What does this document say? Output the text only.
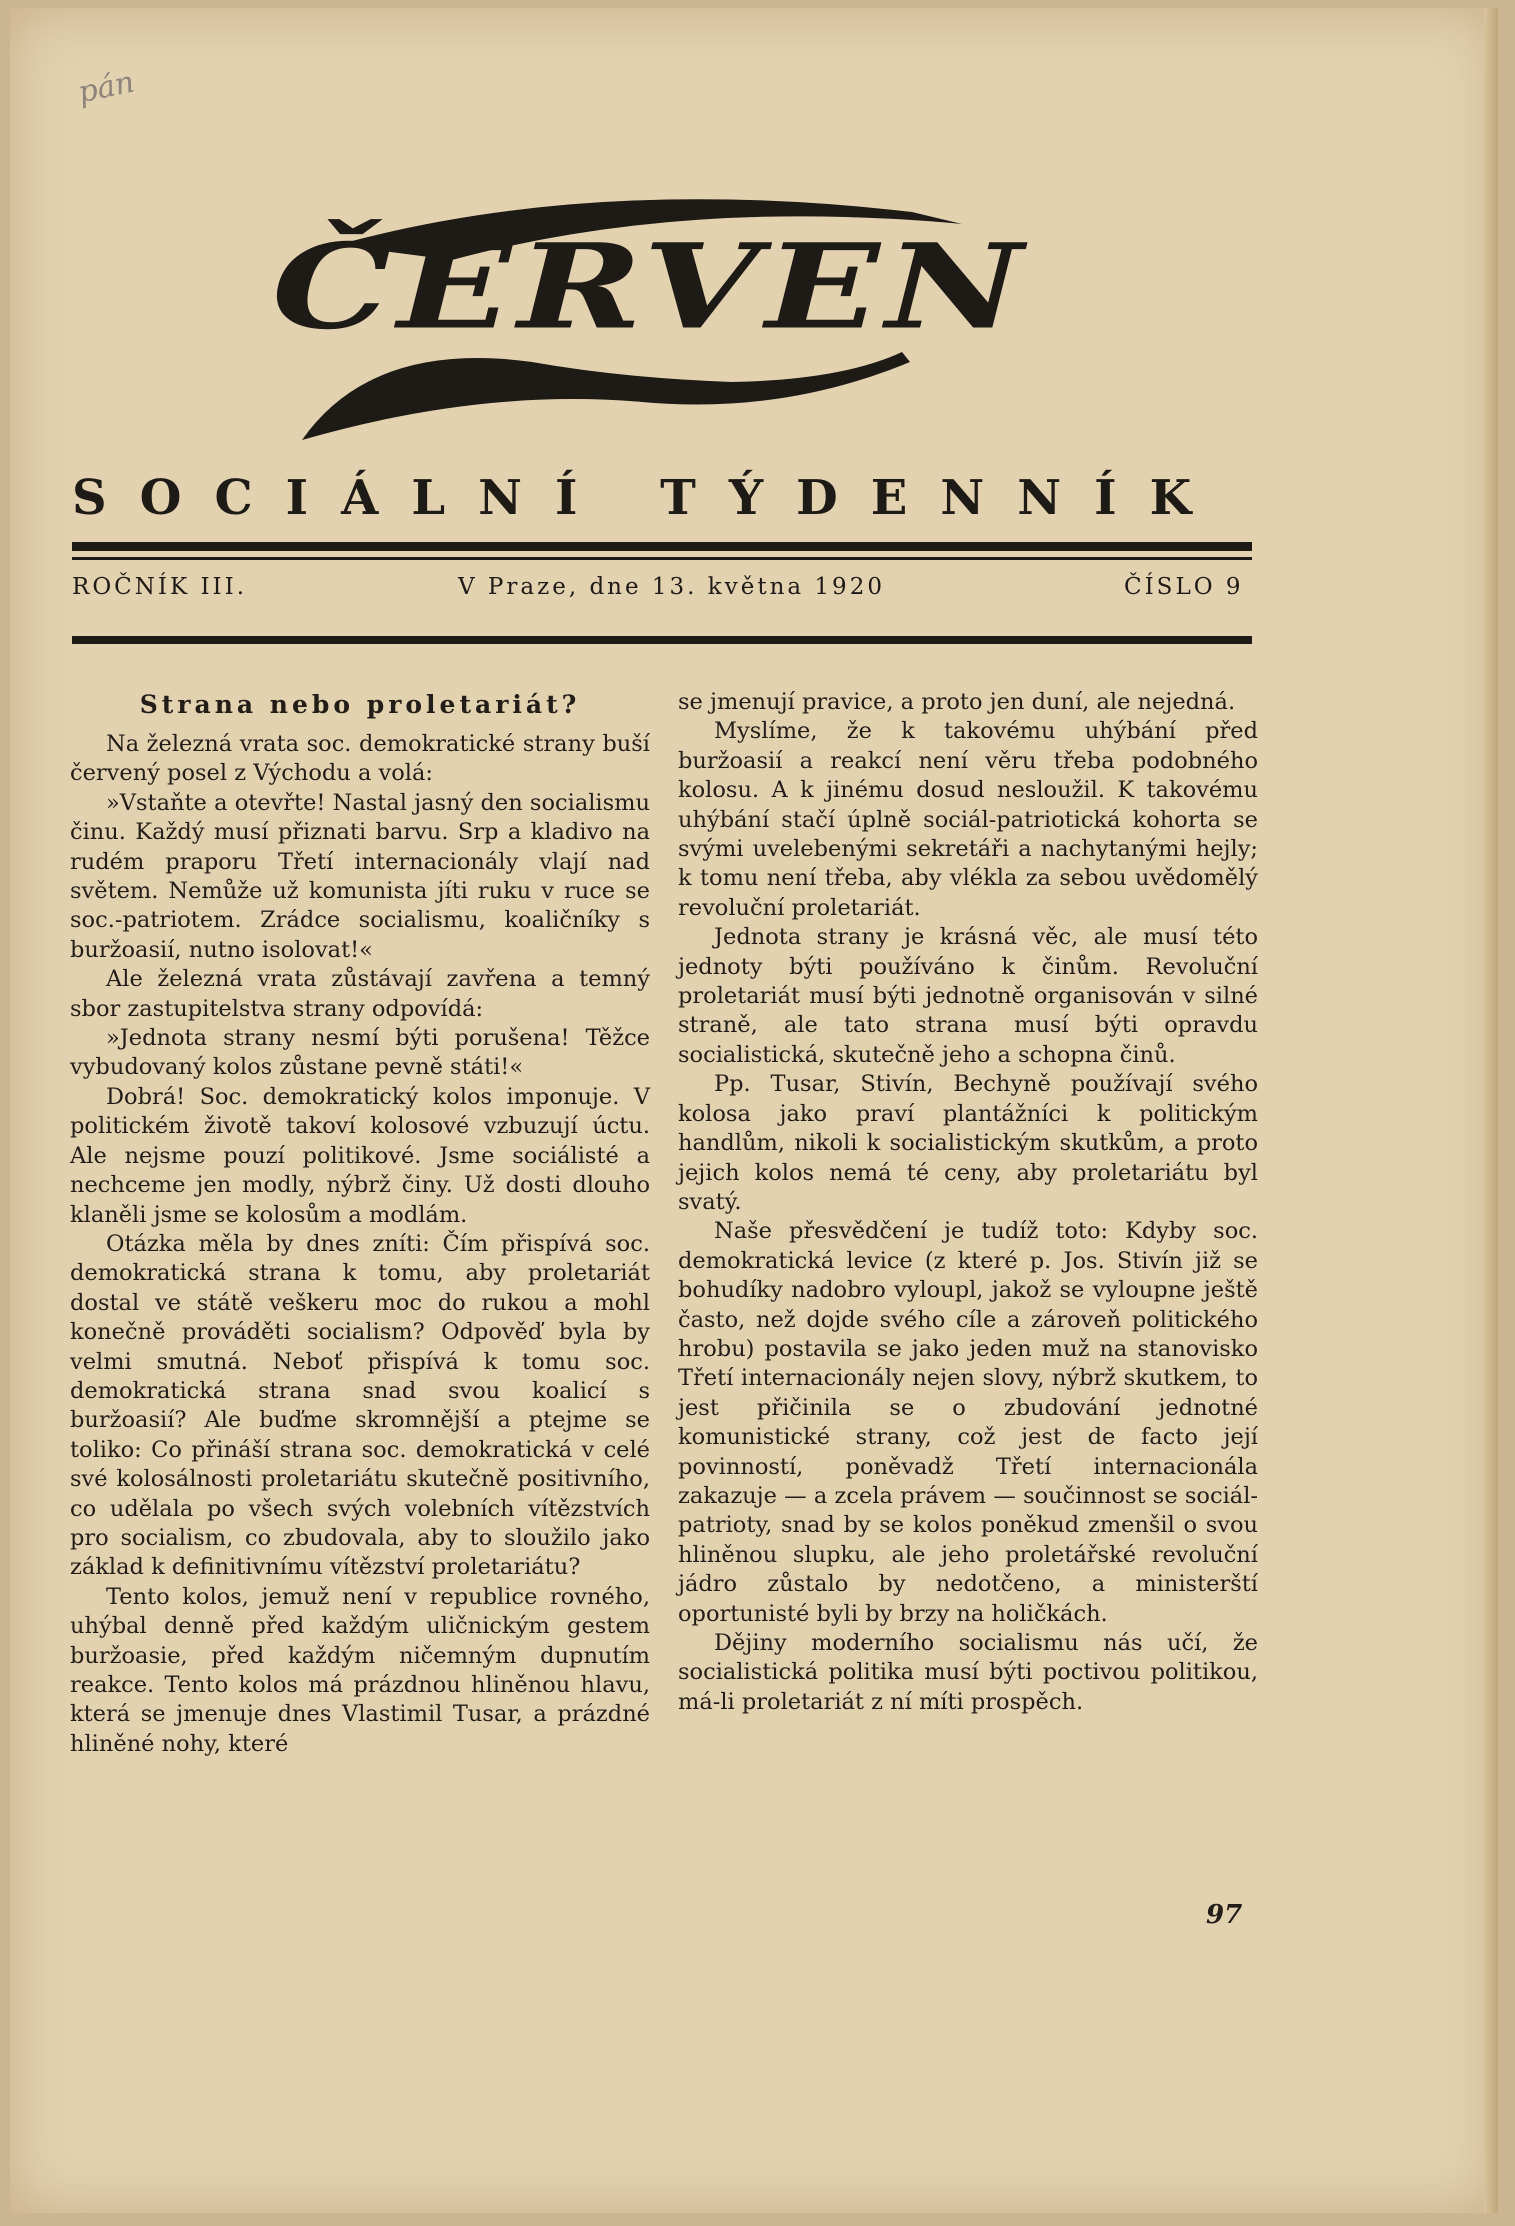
pán
ČERVEN
SOCIÁLNÍ TÝDENNÍK
ROČNÍK III.	V Praze, dne 13. května 1920	ČÍSLO 9
Strana nebo proletariát?

Na železná vrata soc. demokratické strany buší červený posel z Východu a volá:

»Vstaňte a otevřte! Nastal jasný den socialismu činu. Každý musí přiznati barvu. Srp a kladivo na rudém praporu Třetí internacionály vlají nad světem. Nemůže už komunista jíti ruku v ruce se soc.-patriotem. Zrádce socialismu, koaličníky s buržoasií, nutno isolovat!«

Ale železná vrata zůstávají zavřena a temný sbor zastupitelstva strany odpovídá:

»Jednota strany nesmí býti porušena! Těžce vybudovaný kolos zůstane pevně státi!«

Dobrá! Soc. demokratický kolos imponuje. V politickém životě takoví kolosové vzbuzují úctu. Ale nejsme pouzí politikové. Jsme sociálisté a nechceme jen modly, nýbrž činy. Už dosti dlouho klaněli jsme se kolosům a modlám.

Otázka měla by dnes zníti: Čím přispívá soc. demokratická strana k tomu, aby proletariát dostal ve státě veškeru moc do rukou a mohl konečně prováděti socialism? Odpověď byla by velmi smutná. Neboť přispívá k tomu soc. demokratická strana snad svou koalicí s buržoasií? Ale buďme skromnější a ptejme se toliko: Co přináší strana soc. demokratická v celé své kolosálnosti proletariátu skutečně positivního, co udělala po všech svých volebních vítězstvích pro socialism, co zbudovala, aby to sloužilo jako základ k definitivnímu vítězství proletariátu?

Tento kolos, jemuž není v republice rovného, uhýbal denně před každým uličnickým gestem buržoasie, před každým ničemným dupnutím reakce. Tento kolos má prázdnou hliněnou hlavu, která se jmenuje dnes Vlastimil Tusar, a prázdné hliněné nohy, které

se jmenují pravice, a proto jen duní, ale nejedná.

Myslíme, že k takovému uhýbání před buržoasií a reakcí není věru třeba podobného kolosu. A k jinému dosud nesloužil. K takovému uhýbání stačí úplně sociál-patriotická kohorta se svými uvelebenými sekretáři a nachytanými hejly; k tomu není třeba, aby vlékla za sebou uvědomělý revoluční proletariát.

Jednota strany je krásná věc, ale musí této jednoty býti používáno k činům. Revoluční proletariát musí býti jednotně organisován v silné straně, ale tato strana musí býti opravdu socialistická, skutečně jeho a schopna činů.

Pp. Tusar, Stivín, Bechyně používají svého kolosa jako praví plantážníci k politickým handlům, nikoli k socialistickým skutkům, a proto jejich kolos nemá té ceny, aby proletariátu byl svatý.

Naše přesvědčení je tudíž toto: Kdyby soc. demokratická levice (z které p. Jos. Stivín již se bohudíky nadobro vyloupl, jakož se vyloupne ještě často, než dojde svého cíle a zároveň politického hrobu) postavila se jako jeden muž na stanovisko Třetí internacionály nejen slovy, nýbrž skutkem, to jest přičinila se o zbudování jednotné komunistické strany, což jest de facto její povinností, poněvadž Třetí internacionála zakazuje — a zcela právem — součinnost se sociál-patrioty, snad by se kolos poněkud zmenšil o svou hliněnou slupku, ale jeho proletářské revoluční jádro zůstalo by nedotčeno, a ministerští oportunisté byli by brzy na holičkách.

Dějiny moderního socialismu nás učí, že socialistická politika musí býti poctivou politikou, má-li proletariát z ní míti prospěch.

97
